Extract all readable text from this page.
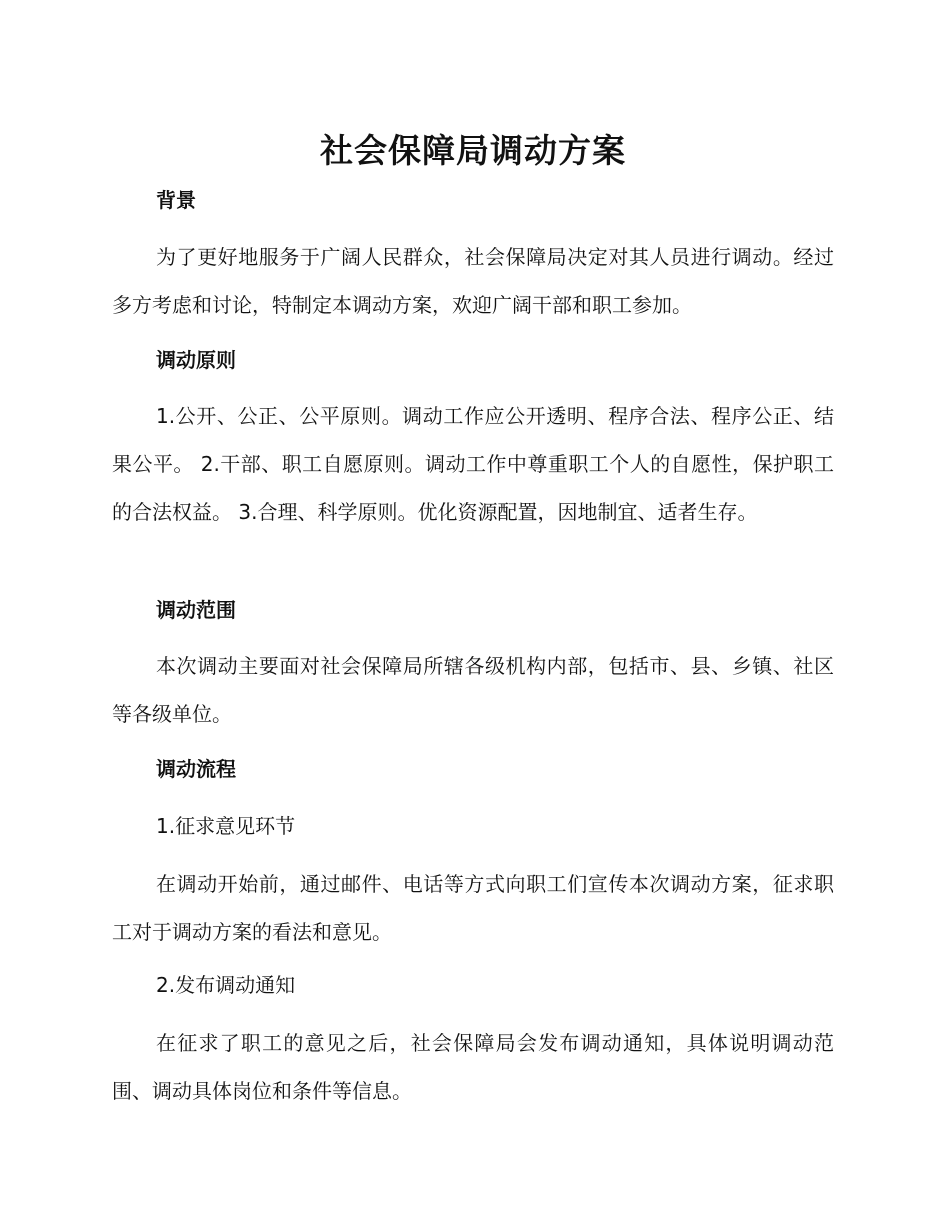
社会保障局调动方案
背景

为了更好地服务于广阔人民群众，社会保障局决定对其人员进行调动。经过多方考虑和讨论，特制定本调动方案，欢迎广阔干部和职工参加。

调动原则

1.公开、公正、公平原则。调动工作应公开透明、程序合法、程序公正、结果公平。 2.干部、职工自愿原则。调动工作中尊重职工个人的自愿性，保护职工的合法权益。 3.合理、科学原则。优化资源配置，因地制宜、适者生存。

调动范围

本次调动主要面对社会保障局所辖各级机构内部，包括市、县、乡镇、社区等各级单位。

调动流程

1.征求意见环节

在调动开始前，通过邮件、电话等方式向职工们宣传本次调动方案，征求职工对于调动方案的看法和意见。

2.发布调动通知

在征求了职工的意见之后，社会保障局会发布调动通知，具体说明调动范围、调动具体岗位和条件等信息。
